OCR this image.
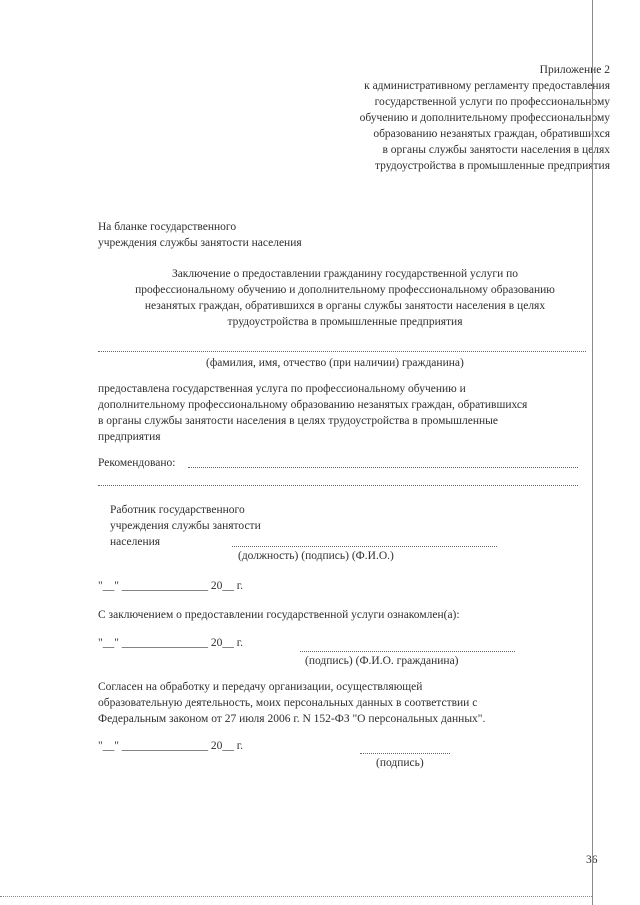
Приложение 2
к административному регламенту предоставления
государственной услуги по профессиональному
обучению и дополнительному профессиональному
образованию незанятых граждан, обратившихся
в органы службы занятости населения в целях
трудоустройства в промышленные предприятия
На бланке государственного
учреждения службы занятости населения
Заключение о предоставлении гражданину государственной услуги по
профессиональному обучению и дополнительному профессиональному образованию
незанятых граждан, обратившихся в органы службы занятости населения в целях
трудоустройства в промышленные предприятия
(фамилия, имя, отчество (при наличии) гражданина)
предоставлена государственная услуга по профессиональному обучению и
дополнительному профессиональному образованию незанятых граждан, обратившихся
в органы службы занятости населения в целях трудоустройства в промышленные
предприятия
Рекомендовано:
Работник государственного
учреждения службы занятости
населения
(должность) (подпись) (Ф.И.О.)
"__" _______________ 20__ г.
С заключением о предоставлении государственной услуги ознакомлен(а):
"__" _______________ 20__ г.
(подпись) (Ф.И.О. гражданина)
Согласен на обработку и передачу организации, осуществляющей
образовательную деятельность, моих персональных данных в соответствии с
Федеральным законом от 27 июля 2006 г. N 152-ФЗ "О персональных данных".
"__" _______________ 20__ г.
(подпись)
36
